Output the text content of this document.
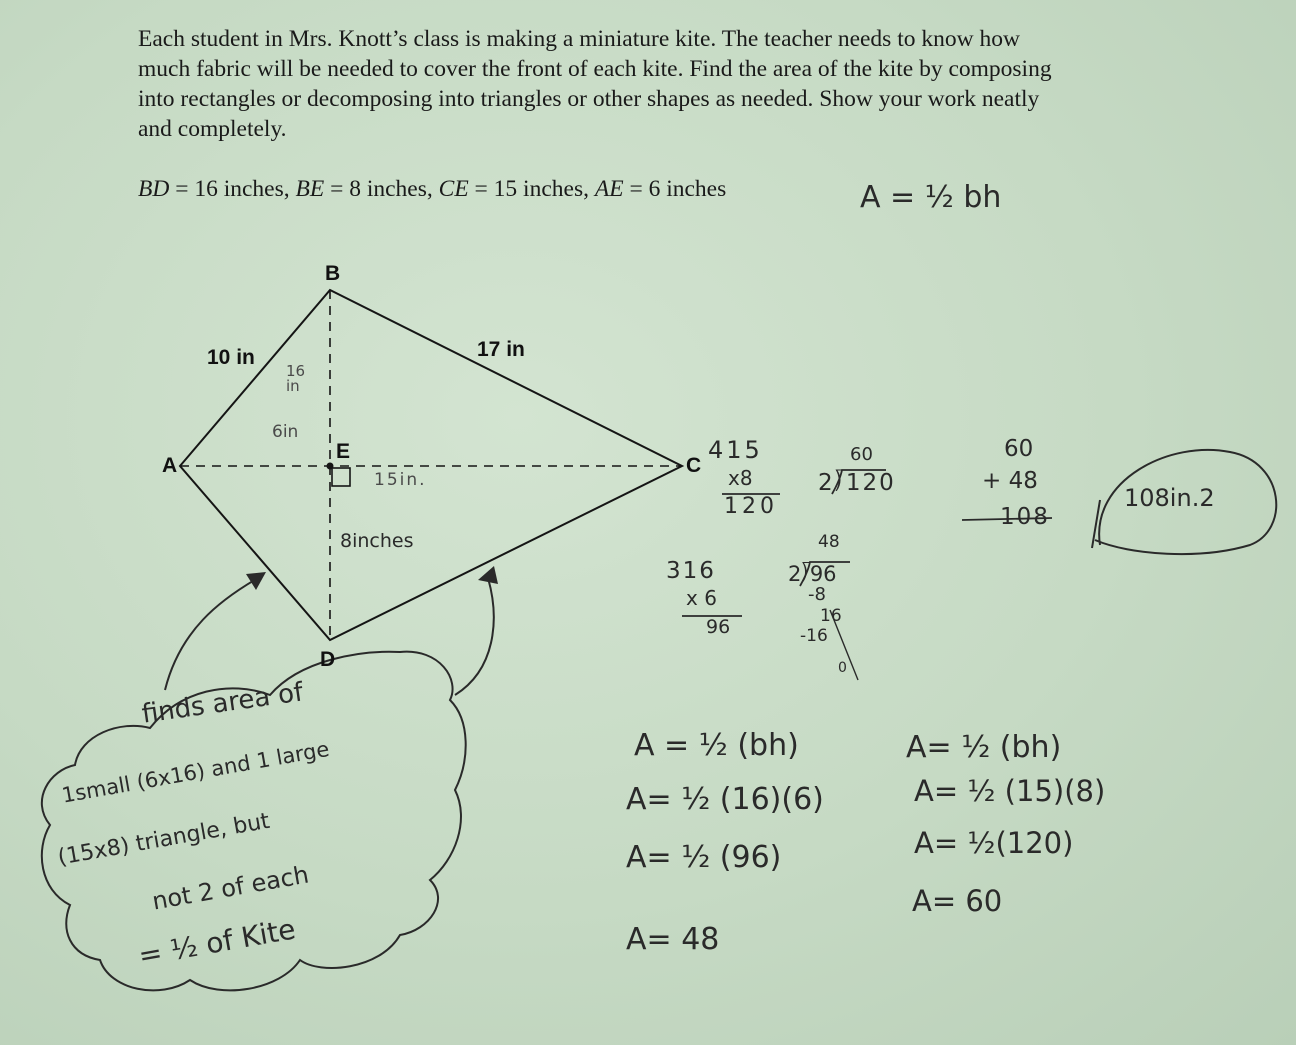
Each student in Mrs. Knott’s class is making a miniature kite. The teacher needs to know how

much fabric will be needed to cover the front of each kite. Find the area of the kite by composing

into rectangles or decomposing into triangles or other shapes as needed. Show your work neatly

and completely.

BD = 16 inches, BE = 8 inches, CE = 15 inches, AE = 6 inches
B
A	C
D
E
10 in	17 in
A = ½ bh
16 in
6in
15in.
8inches
415
x8
120
60
2⟌120
60
+ 48
108
108in.2
316
x 6
96
48
2⟌96
-8
16
-16
0
A = ½ (bh)
A= ½ (16)(6)
A= ½ (96)
A= 48
A= ½ (bh)
A= ½ (15)(8)
A= ½(120)
A= 60
finds area of
1small (6x16) and 1 large
(15x8) triangle, but
not 2 of each
= ½ of Kite
